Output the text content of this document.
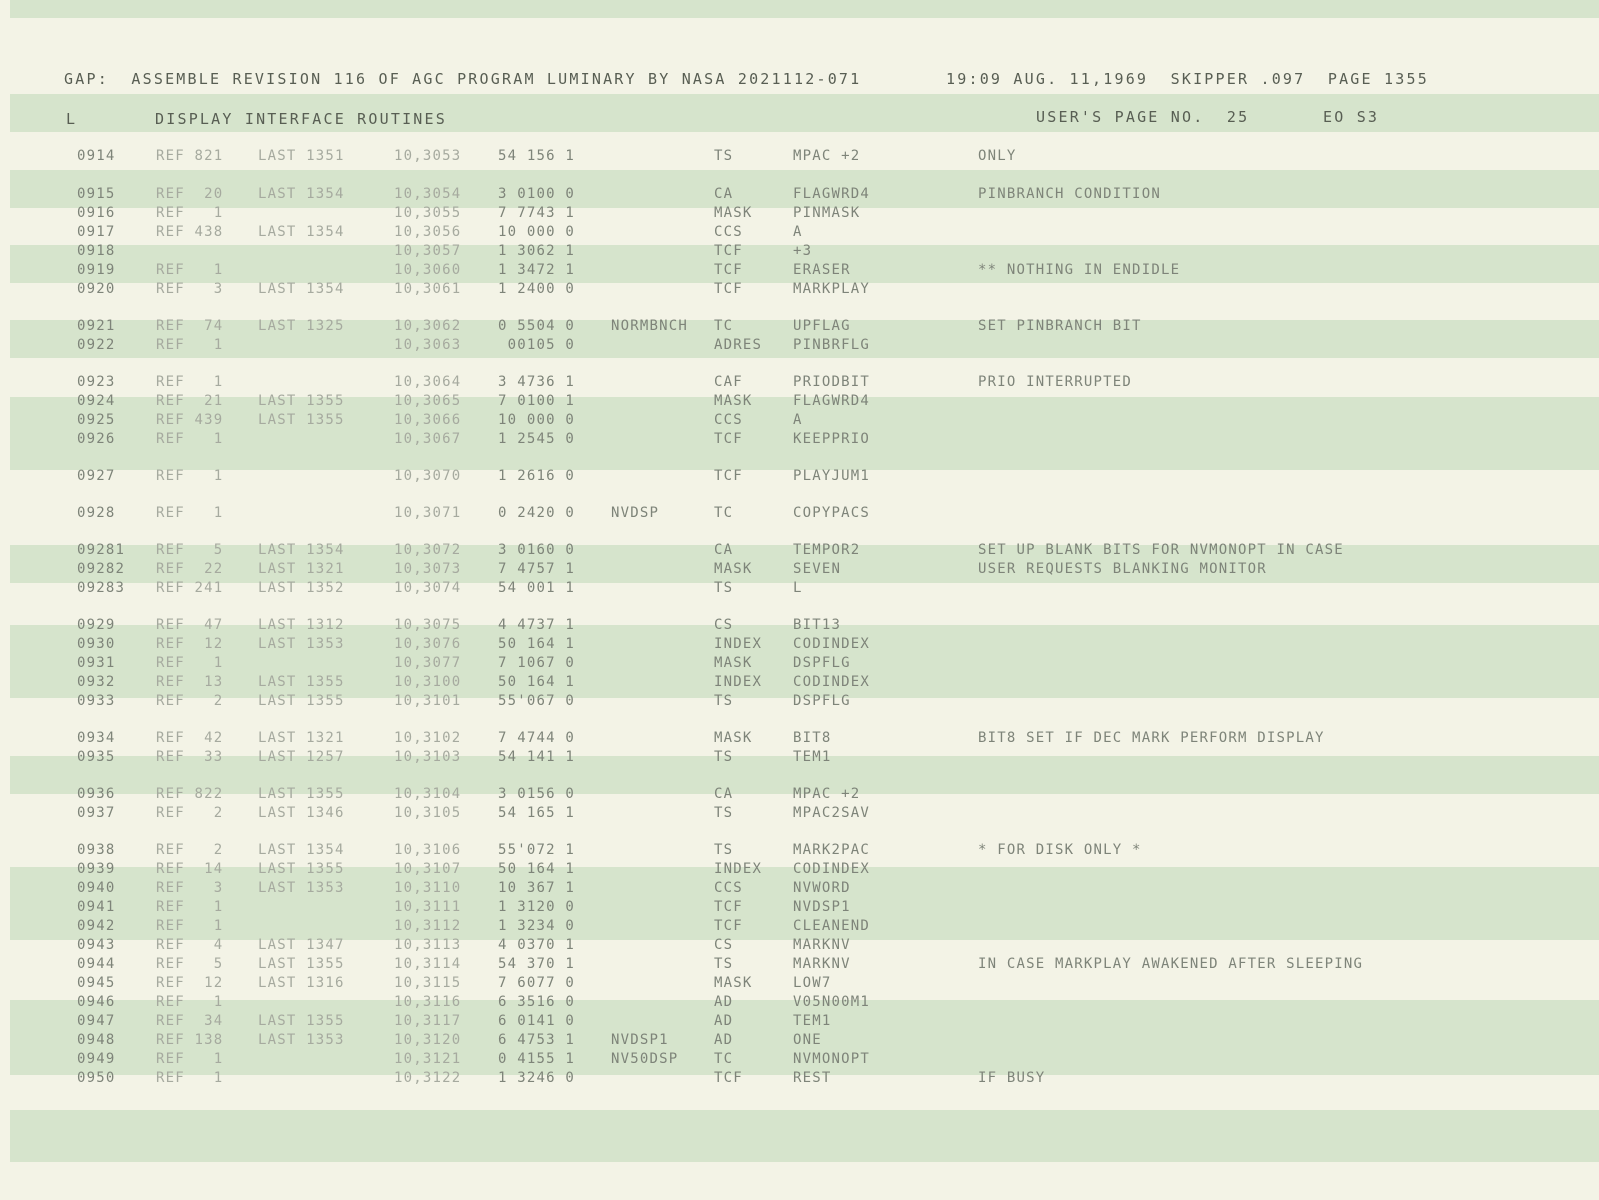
GAP:  ASSEMBLE REVISION 116 OF AGC PROGRAM LUMINARY BY NASA 2021112-071	19:09 AUG. 11,1969  SKIPPER .097  PAGE 1355
L	DISPLAY INTERFACE ROUTINES	USER'S PAGE NO.  25	EO S3
0914	REF 821 LAST 1351	10,3053	54 156 1	TS	MPAC +2	ONLY
0915	REF  20 LAST 1354	10,3054	3 0100 0	CA	FLAGWRD4	PINBRANCH CONDITION
0916	REF   1	10,3055	7 7743 1	MASK	PINMASK
0917	REF 438 LAST 1354	10,3056	10 000 0	CCS	A
0918	10,3057	1 3062 1	TCF	+3
0919	REF   1	10,3060	1 3472 1	TCF	ERASER	** NOTHING IN ENDIDLE
0920	REF   3 LAST 1354	10,3061	1 2400 0	TCF	MARKPLAY
0921	REF  74 LAST 1325	10,3062	0 5504 0	NORMBNCH TC	UPFLAG	SET PINBRANCH BIT
0922	REF   1	10,3063	00105 0	ADRES PINBRFLG
0923	REF   1	10,3064	3 4736 1	CAF	PRIODBIT	PRIO INTERRUPTED
0924	REF  21 LAST 1355	10,3065	7 0100 1	MASK	FLAGWRD4
0925	REF 439 LAST 1355	10,3066	10 000 0	CCS	A
0926	REF   1	10,3067	1 2545 0	TCF	KEEPPRIO
0927	REF   1	10,3070	1 2616 0	TCF	PLAYJUM1
0928	REF   1	10,3071	0 2420 0	NVDSP	TC	COPYPACS
09281 REF   5 LAST 1354	10,3072	3 0160 0	CA	TEMPOR2	SET UP BLANK BITS FOR NVMONOPT IN CASE
09282 REF  22 LAST 1321	10,3073	7 4757 1	MASK	SEVEN	USER REQUESTS BLANKING MONITOR
09283 REF 241 LAST 1352	10,3074	54 001 1	TS	L
0929	REF  47 LAST 1312	10,3075	4 4737 1	CS	BIT13
0930	REF  12 LAST 1353	10,3076	50 164 1	INDEX CODINDEX
0931	REF   1	10,3077	7 1067 0	MASK	DSPFLG
0932	REF  13 LAST 1355	10,3100	50 164 1	INDEX CODINDEX
0933	REF   2 LAST 1355	10,3101	55'067 0	TS	DSPFLG
0934	REF  42 LAST 1321	10,3102	7 4744 0	MASK	BIT8	BIT8 SET IF DEC MARK PERFORM DISPLAY
0935	REF  33 LAST 1257	10,3103	54 141 1	TS	TEM1
0936	REF 822 LAST 1355	10,3104	3 0156 0	CA	MPAC +2
0937	REF   2 LAST 1346	10,3105	54 165 1	TS	MPAC2SAV
0938	REF   2 LAST 1354	10,3106	55'072 1	TS	MARK2PAC	* FOR DISK ONLY *
0939	REF  14 LAST 1355	10,3107	50 164 1	INDEX CODINDEX
0940	REF   3 LAST 1353	10,3110	10 367 1	CCS	NVWORD
0941	REF   1	10,3111	1 3120 0	TCF	NVDSP1
0942	REF   1	10,3112	1 3234 0	TCF	CLEANEND
0943	REF   4 LAST 1347	10,3113	4 0370 1	CS	MARKNV
0944	REF   5 LAST 1355	10,3114	54 370 1	TS	MARKNV	IN CASE MARKPLAY AWAKENED AFTER SLEEPING
0945	REF  12 LAST 1316	10,3115	7 6077 0	MASK	LOW7
0946	REF   1	10,3116	6 3516 0	AD	V05N00M1
0947	REF  34 LAST 1355	10,3117	6 0141 0	AD	TEM1
0948	REF 138 LAST 1353	10,3120	6 4753 1	NVDSP1	AD	ONE
0949	REF   1	10,3121	0 4155 1	NV50DSP	TC	NVMONOPT
0950	REF   1	10,3122	1 3246 0	TCF	REST	IF BUSY
